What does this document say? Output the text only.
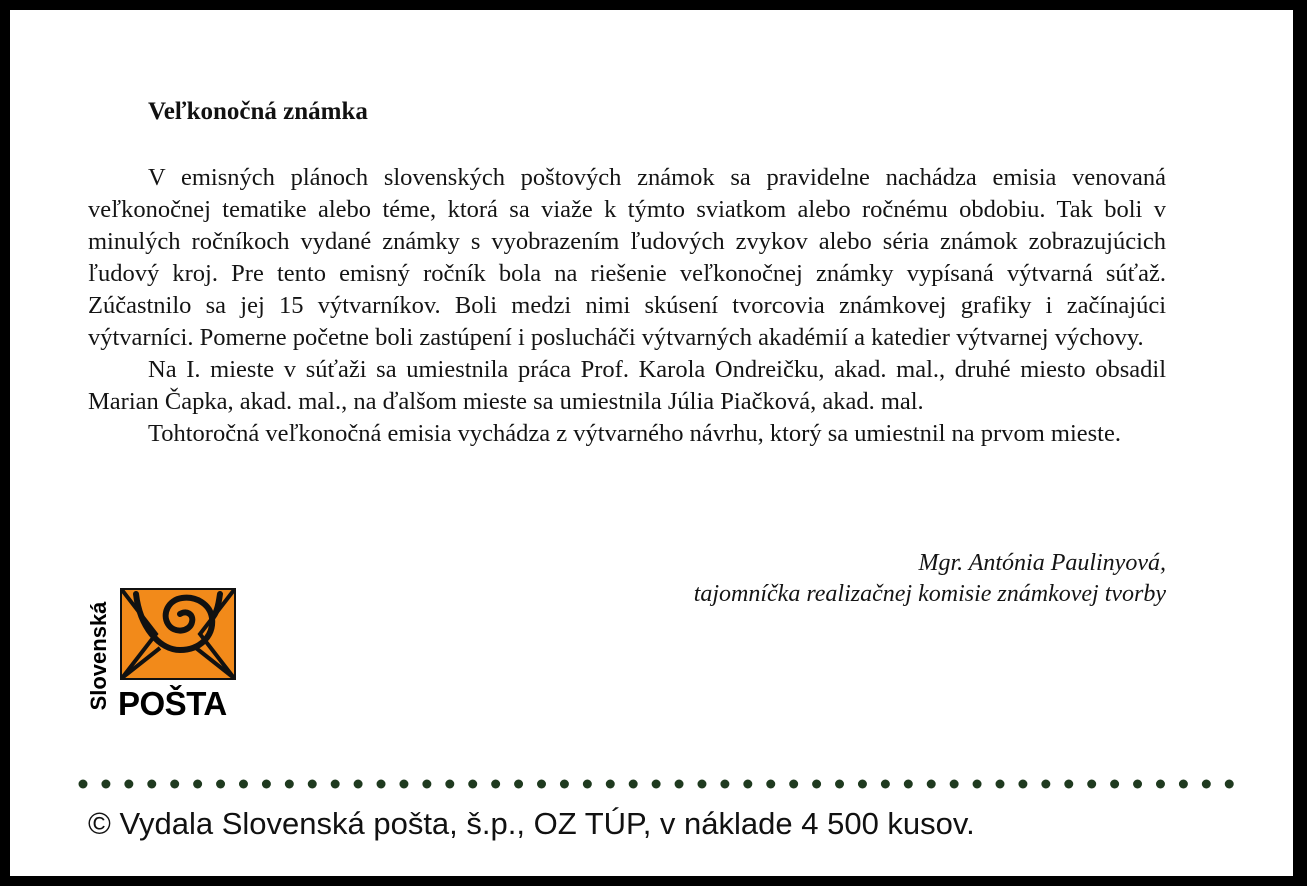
Veľkonočná známka

V emisných plánoch slovenských poštových známok sa pravidelne nachádza emisia venovaná veľkonočnej tematike alebo téme, ktorá sa viaže k týmto sviatkom alebo ročnému obdobiu. Tak boli v minulých ročníkoch vydané známky s vyobrazením ľudových zvykov alebo séria známok zobrazujúcich ľudový kroj. Pre tento emisný ročník bola na riešenie veľkonočnej známky vypísaná výtvarná súťaž. Zúčastnilo sa jej 15 výtvarníkov. Boli medzi nimi skúsení tvorcovia známkovej grafiky i začínajúci výtvarníci. Pomerne početne boli zastúpení i poslucháči výtvarných akadémií a katedier výtvarnej výchovy.

Na I. mieste v súťaži sa umiestnila práca Prof. Karola Ondreičku, akad. mal., druhé miesto obsadil Marian Čapka, akad. mal., na ďalšom mieste sa umiestnila Júlia Piačková, akad. mal.

Tohtoročná veľkonočná emisia vychádza z výtvarného návrhu, ktorý sa umiestnil na prvom mieste.

Mgr. Antónia Paulinyová,
tajomníčka realizačnej komisie známkovej tvorby
Slovenská POŠTA
© Vydala Slovenská pošta, š.p., OZ TÚP, v náklade 4 500 kusov.
